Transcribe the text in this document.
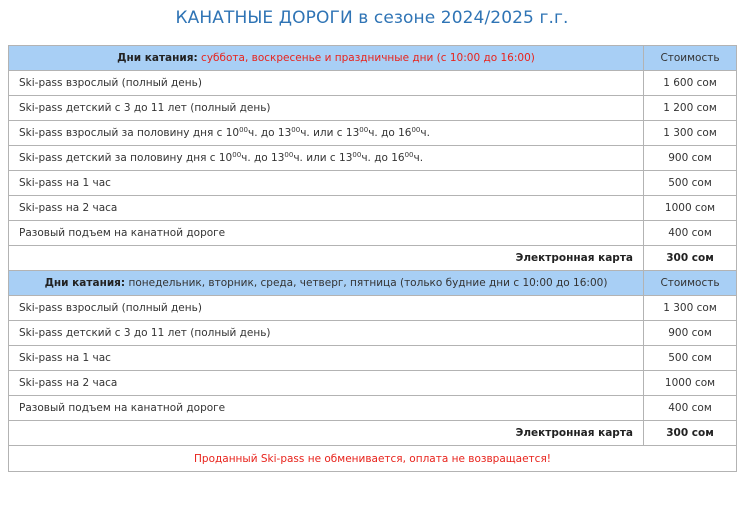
КАНАТНЫЕ ДОРОГИ в сезоне 2024/2025 г.г.
Дни катания: суббота, воскресенье и праздничные дни (с 10:00 до 16:00)	Стоимость
Ski-pass взрослый (полный день)	1 600 сом
Ski-pass детский с 3 до 11 лет (полный день)	1 200 сом
Ski-pass взрослый за половину дня с $10^{00}ч$. до $13^{00}ч$. или с $13^{00}ч$. до $16^{00}ч$.	1 300 сом
Ski-pass детский за половину дня с $10^{00}ч$. до $13^{00}ч$. или с $13^{00}ч$. до $16^{00}ч$.	900 сом
Ski-pass на 1 час	500 сом
Ski-pass на 2 часа	1000 сом
Разовый подъем на канатной дороге	400 сом
Электронная карта	300 сом
Дни катания: понедельник, вторник, среда, четверг, пятница (только будние дни с 10:00 до 16:00)	Стоимость
Ski-pass взрослый (полный день)	1 300 сом
Ski-pass детский с 3 до 11 лет (полный день)	900 сом
Ski-pass на 1 час	500 сом
Ski-pass на 2 часа	1000 сом
Разовый подъем на канатной дороге	400 сом
Электронная карта	300 сом
Проданный Ski-pass не обменивается, оплата не возвращается!	
